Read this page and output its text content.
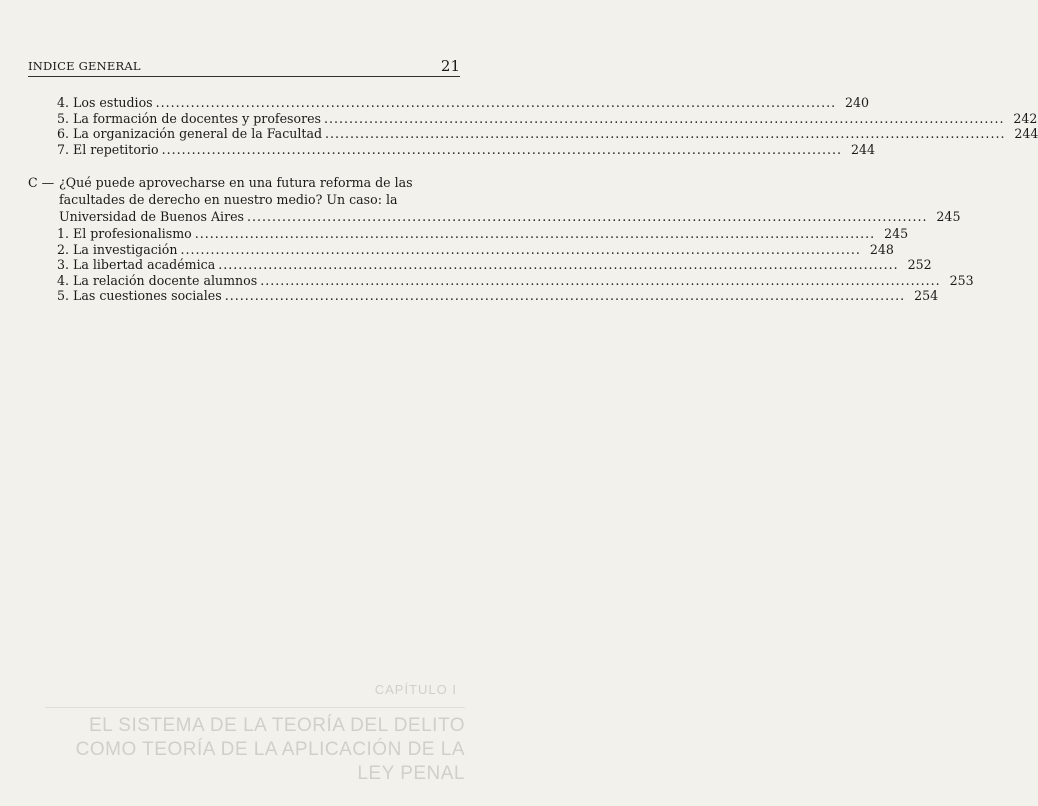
INDICE GENERAL	21
4. Los estudios .....	240
5. La formación de docentes y profesores .....	242
6. La organización general de la Facultad .....	244
7. El repetitorio .....	244
C — ¿Qué puede aprovecharse en una futura reforma de las
facultades de derecho en nuestro medio? Un caso: la
Universidad de Buenos Aires .....	245
1. El profesionalismo .....	245
2. La investigación .....	248
3. La libertad académica .....	252
4. La relación docente alumnos .....	253
5. Las cuestiones sociales .....	254
CAPÍTULO I
EL SISTEMA DE LA TEORÍA DEL DELITO
COMO TEORÍA DE LA APLICACIÓN DE LA LEY PENAL
